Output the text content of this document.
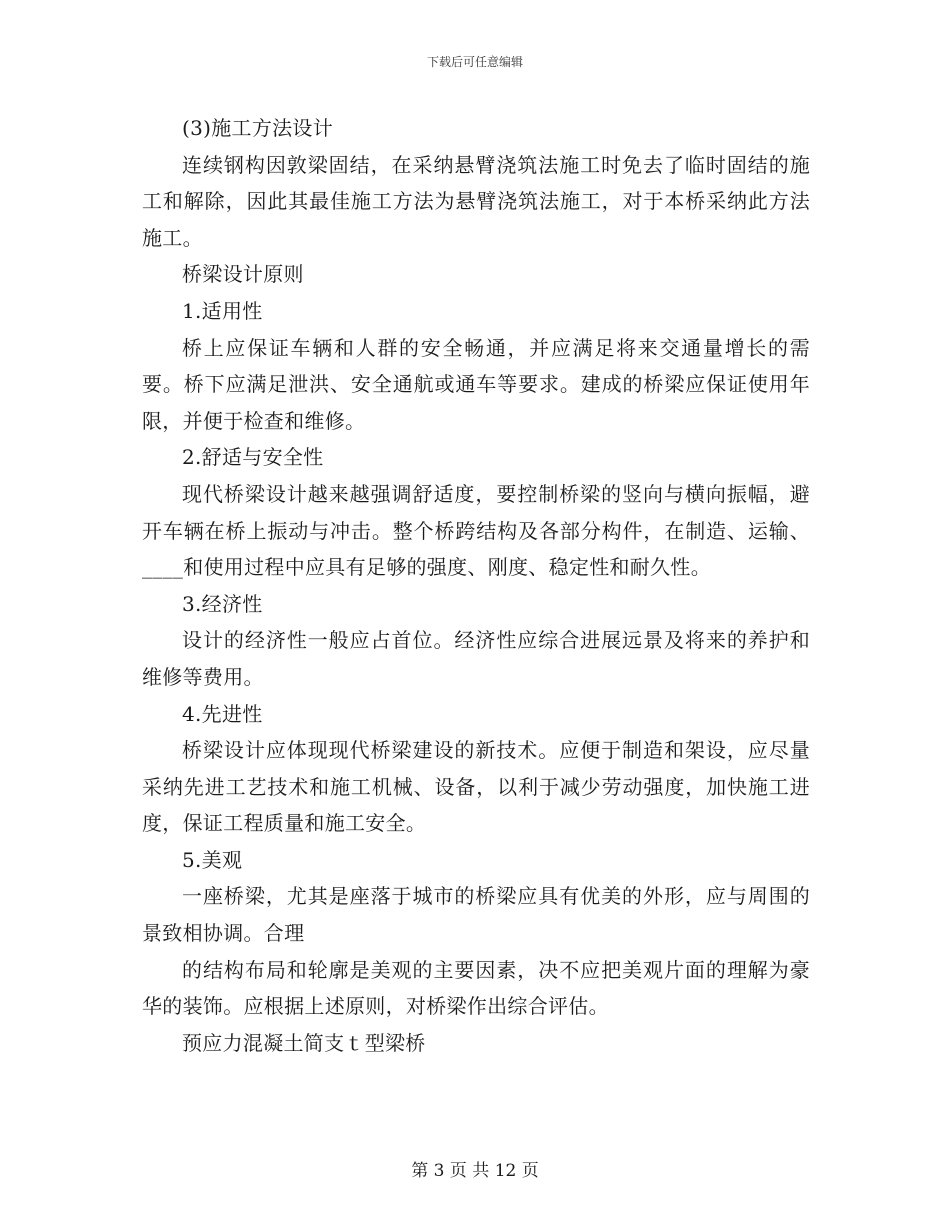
下载后可任意编辑

(3)施工方法设计

连续钢构因敦梁固结，在采纳悬臂浇筑法施工时免去了临时固结的施工和解除，因此其最佳施工方法为悬臂浇筑法施工，对于本桥采纳此方法施工。

桥梁设计原则

1.适用性

桥上应保证车辆和人群的安全畅通，并应满足将来交通量增长的需要。桥下应满足泄洪、安全通航或通车等要求。建成的桥梁应保证使用年限，并便于检查和维修。

2.舒适与安全性

现代桥梁设计越来越强调舒适度，要控制桥梁的竖向与横向振幅，避开车辆在桥上振动与冲击。整个桥跨结构及各部分构件，在制造、运输、____和使用过程中应具有足够的强度、刚度、稳定性和耐久性。

3.经济性

设计的经济性一般应占首位。经济性应综合进展远景及将来的养护和维修等费用。

4.先进性

桥梁设计应体现现代桥梁建设的新技术。应便于制造和架设，应尽量采纳先进工艺技术和施工机械、设备，以利于减少劳动强度，加快施工进度，保证工程质量和施工安全。

5.美观

一座桥梁，尤其是座落于城市的桥梁应具有优美的外形，应与周围的景致相协调。合理

的结构布局和轮廓是美观的主要因素，决不应把美观片面的理解为豪华的装饰。应根据上述原则，对桥梁作出综合评估。

预应力混凝土简支ｔ型梁桥

第 3 页 共 12 页
